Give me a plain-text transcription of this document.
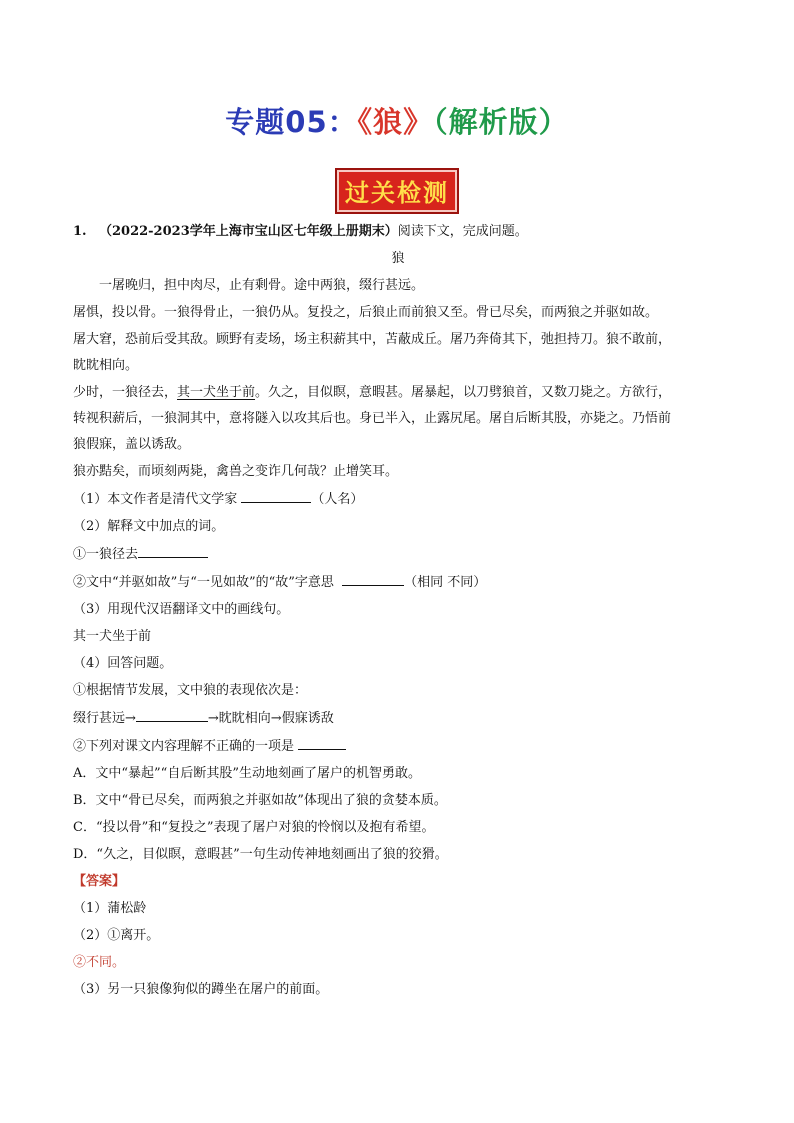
专题05：《狼》（解析版）
过关检测

1. （2022-2023学年上海市宝山区七年级上册期末）阅读下文，完成问题。

狼

一屠晚归，担中肉尽，止有剩骨。途中两狼，缀行甚远。

屠惧，投以骨。一狼得骨止，一狼仍从。复投之，后狼止而前狼又至。骨已尽矣，而两狼之并驱如故。

屠大窘，恐前后受其敌。顾野有麦场，场主积薪其中，苫蔽成丘。屠乃奔倚其下，弛担持刀。狼不敢前，

眈眈相向。

少时，一狼径去，其一犬坐于前。久之，目似瞑，意暇甚。屠暴起，以刀劈狼首，又数刀毙之。方欲行，

转视积薪后，一狼洞其中，意将隧入以攻其后也。身已半入，止露尻尾。屠自后断其股，亦毙之。乃悟前

狼假寐，盖以诱敌。

狼亦黠矣，而顷刻两毙，禽兽之变诈几何哉？止增笑耳。

（1）本文作者是清代文学家	（人名）

（2）解释文中加点的词。

①一狼径去

②文中“并驱如故”与“一见如故”的“故”字意思	（相同 不同）

（3）用现代汉语翻译文中的画线句。

其一犬坐于前

（4）回答问题。

①根据情节发展，文中狼的表现依次是：

缀行甚远→	→眈眈相向→假寐诱敌

②下列对课文内容理解不正确的一项是

A．文中“暴起”“自后断其股”生动地刻画了屠户的机智勇敢。

B．文中“骨已尽矣，而两狼之并驱如故”体现出了狼的贪婪本质。

C．“投以骨”和“复投之”表现了屠户对狼的怜悯以及抱有希望。

D．“久之，目似瞑，意暇甚”一句生动传神地刻画出了狼的狡猾。

【答案】

（1）蒲松龄

（2）①离开。

②不同。

（3）另一只狼像狗似的蹲坐在屠户的前面。
